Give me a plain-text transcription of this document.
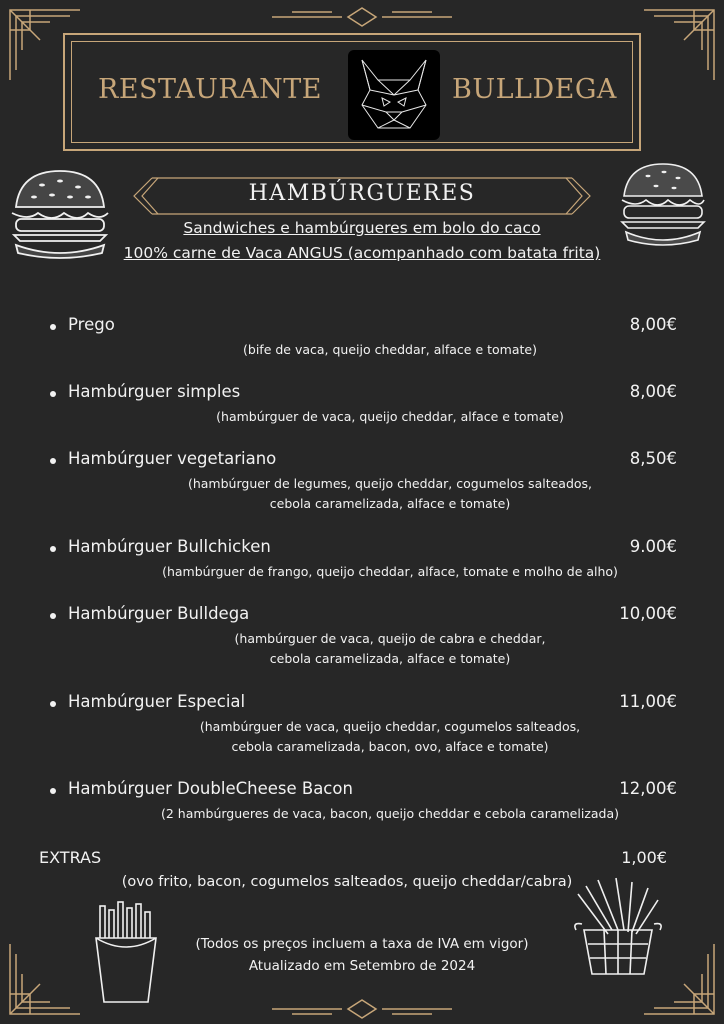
RESTAURANTE	BULLDEGA
HAMBÚRGUERES
Sandwiches e hambúrgueres em bolo do caco
100% carne de Vaca ANGUS (acompanhado com batata frita)
Prego	8,00€
(bife de vaca, queijo cheddar, alface e tomate)
Hambúrguer simples	8,00€
(hambúrguer de vaca, queijo cheddar, alface e tomate)
Hambúrguer vegetariano	8,50€
(hambúrguer de legumes, queijo cheddar, cogumelos salteados,
cebola caramelizada, alface e tomate)
Hambúrguer Bullchicken	9.00€
(hambúrguer de frango, queijo cheddar, alface, tomate e molho de alho)
Hambúrguer Bulldega	10,00€
(hambúrguer de vaca, queijo de cabra e cheddar,
cebola caramelizada, alface e tomate)
Hambúrguer Especial	11,00€
(hambúrguer de vaca, queijo cheddar, cogumelos salteados,
cebola caramelizada, bacon, ovo, alface e tomate)
Hambúrguer DoubleCheese Bacon	12,00€
(2 hambúrgueres de vaca, bacon, queijo cheddar e cebola caramelizada)
EXTRAS	1,00€
(ovo frito, bacon, cogumelos salteados, queijo cheddar/cabra)
(Todos os preços incluem a taxa de IVA em vigor)
Atualizado em Setembro de 2024
